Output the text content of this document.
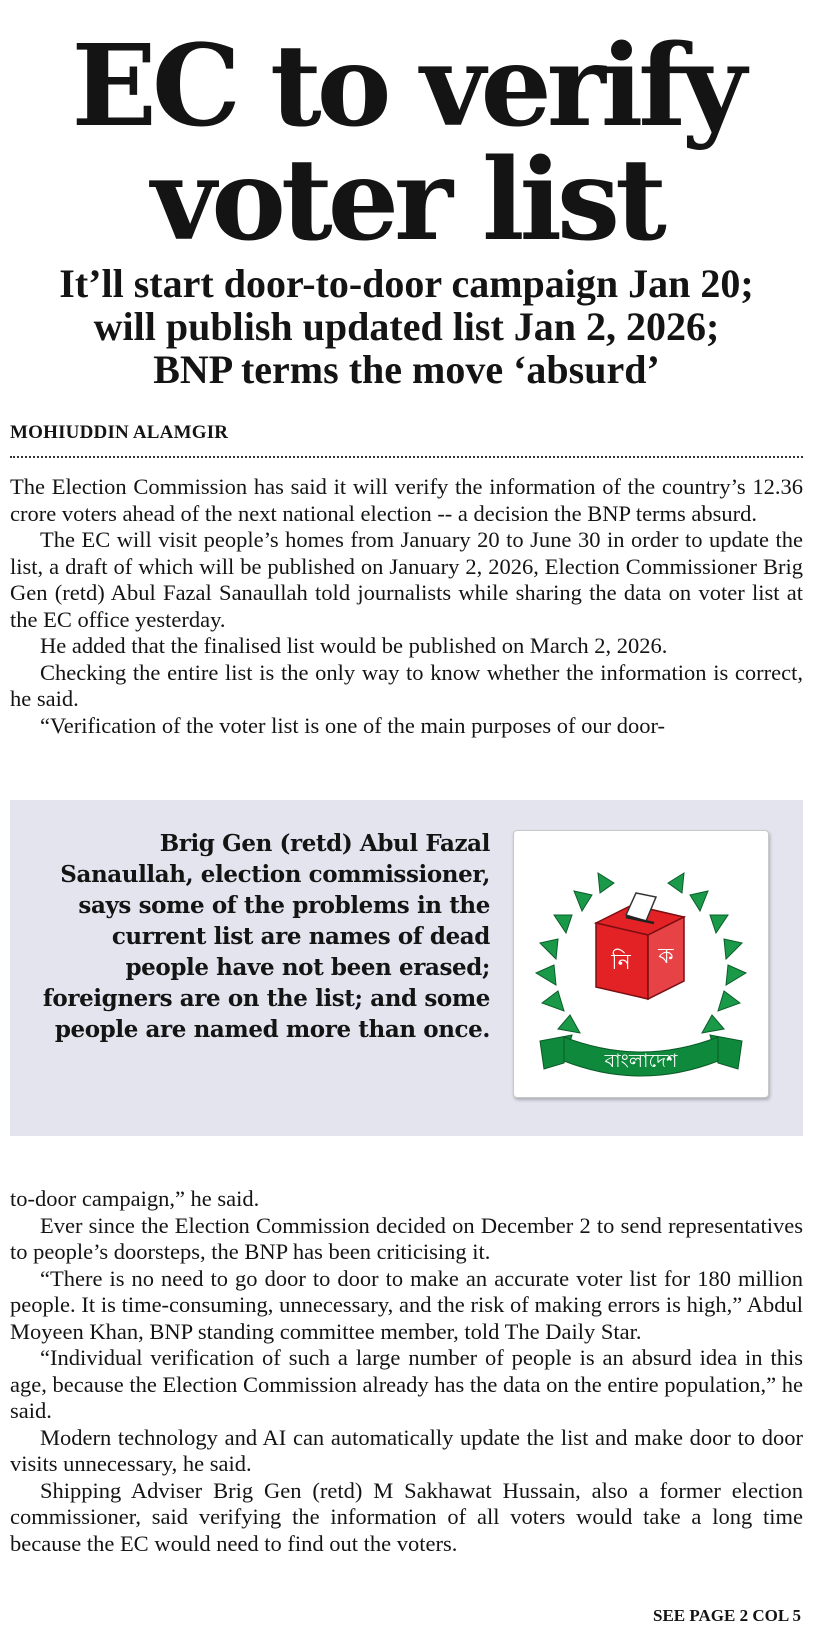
EC to verify
voter list
It’ll start door-to-door campaign Jan 20;
will publish updated list Jan 2, 2026;
BNP terms the move ‘absurd’
MOHIUDDIN ALAMGIR

The Election Commission has said it will verify the information of the country’s 12.36 crore voters ahead of the next national election -- a decision the BNP terms absurd.

The EC will visit people’s homes from January 20 to June 30 in order to update the list, a draft of which will be published on January 2, 2026, Election Commissioner Brig Gen (retd) Abul Fazal Sanaullah told journalists while sharing the data on voter list at the EC office yesterday.

He added that the finalised list would be published on March 2, 2026.

Checking the entire list is the only way to know whether the information is correct, he said.

“Verification of the voter list is one of the main purposes of our door-

Brig Gen (retd) Abul Fazal Sanaullah, election commissioner, says some of the problems in the current list are names of dead people have not been erased; foreigners are on the list; and some people are named more than once.

নি ক
বাংলাদেশ

to-door campaign,” he said.

Ever since the Election Commission decided on December 2 to send representatives to people’s doorsteps, the BNP has been criticising it.

“There is no need to go door to door to make an accurate voter list for 180 million people. It is time-consuming, unnecessary, and the risk of making errors is high,” Abdul Moyeen Khan, BNP standing committee member, told The Daily Star.

“Individual verification of such a large number of people is an absurd idea in this age, because the Election Commission already has the data on the entire population,” he said.

Modern technology and AI can automatically update the list and make door to door visits unnecessary, he said.

Shipping Adviser Brig Gen (retd) M Sakhawat Hussain, also a former election commissioner, said verifying the information of all voters would take a long time because the EC would need to find out the voters.

SEE PAGE 2 COL 5
